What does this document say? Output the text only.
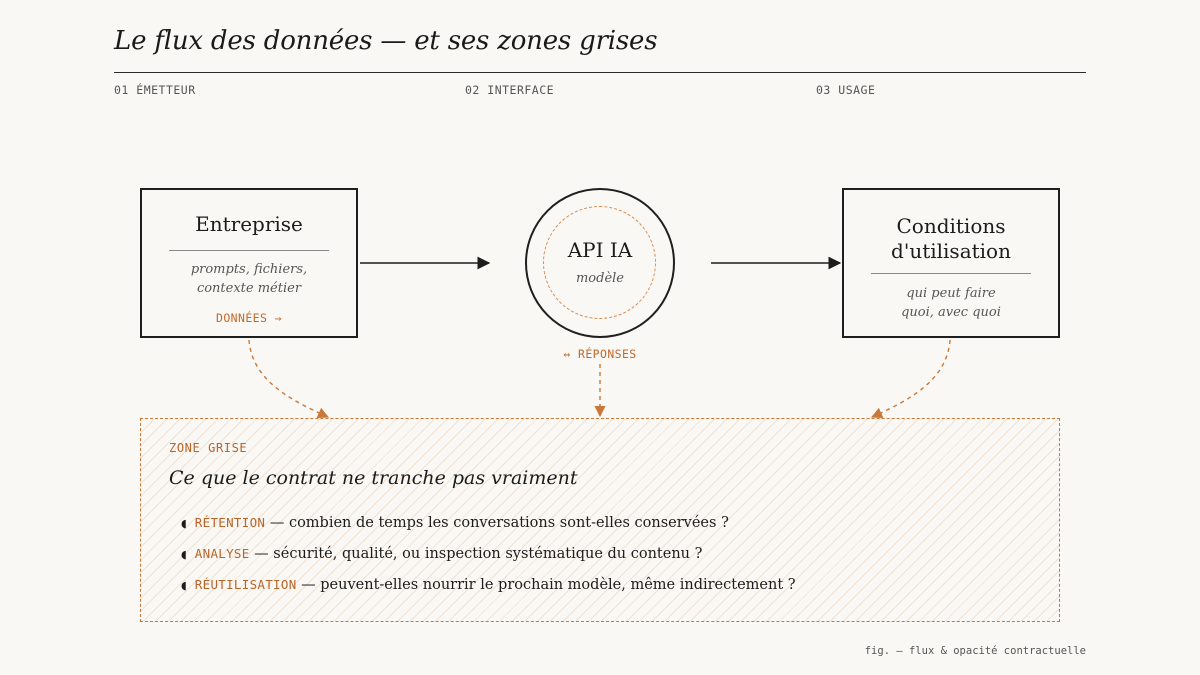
Le flux des données — et ses zones grises
01 ÉMETTEUR	02 INTERFACE	03 USAGE
Entreprise
prompts, fichiers,
contexte métier
DONNÉES →
API IA
modèle
↔ RÉPONSES
Conditions
d'utilisation
qui peut faire
quoi, avec quoi
ZONE GRISE
Ce que le contrat ne tranche pas vraiment
◖ RÉTENTION — combien de temps les conversations sont-elles conservées ?
◖ ANALYSE — sécurité, qualité, ou inspection systématique du contenu ?
◖ RÉUTILISATION — peuvent-elles nourrir le prochain modèle, même indirectement ?
fig. — flux & opacité contractuelle
